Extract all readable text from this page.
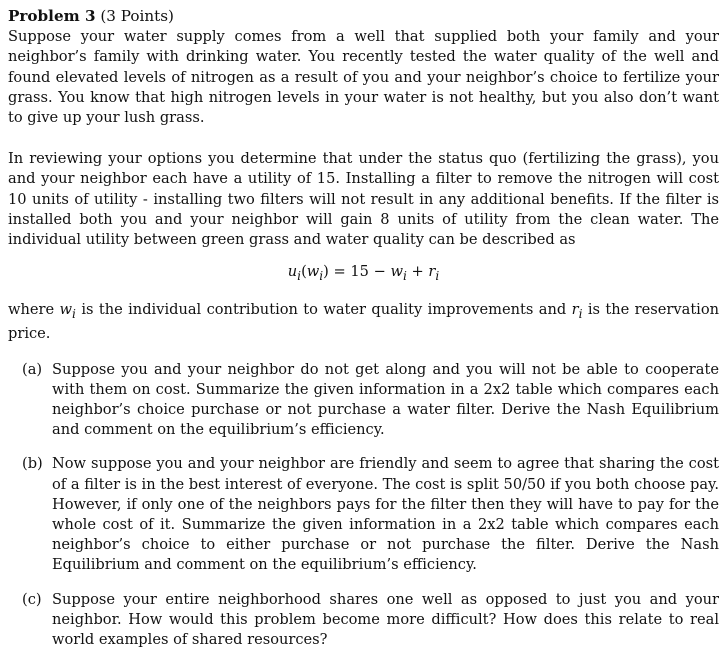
Problem 3 (3 Points)

Suppose your water supply comes from a well that supplied both your family and your neighbor’s family with drinking water. You recently tested the water quality of the well and found elevated levels of nitrogen as a result of you and your neighbor’s choice to fertilize your grass. You know that high nitrogen levels in your water is not healthy, but you also don’t want to give up your lush grass.

In reviewing your options you determine that under the status quo (fertilizing the grass), you and your neighbor each have a utility of 15. Installing a filter to remove the nitrogen will cost 10 units of utility - installing two filters will not result in any additional benefits. If the filter is installed both you and your neighbor will gain 8 units of utility from the clean water. The individual utility between green grass and water quality can be described as

$u_i(w_i) = 15 - w_i + r_i$

where $w_i$ is the individual contribution to water quality improvements and $r_i$ is the reservation price.

(a) Suppose you and your neighbor do not get along and you will not be able to cooperate with them on cost. Summarize the given information in a 2x2 table which compares each neighbor’s choice purchase or not purchase a water filter. Derive the Nash Equilibrium and comment on the equilibrium’s efficiency.
(b) Now suppose you and your neighbor are friendly and seem to agree that sharing the cost of a filter is in the best interest of everyone. The cost is split 50/50 if you both choose pay. However, if only one of the neighbors pays for the filter then they will have to pay for the whole cost of it. Summarize the given information in a 2x2 table which compares each neighbor’s choice to either purchase or not purchase the filter. Derive the Nash Equilibrium and comment on the equilibrium’s efficiency.
(c) Suppose your entire neighborhood shares one well as opposed to just you and your neighbor. How would this problem become more difficult? How does this relate to real world examples of shared resources?
